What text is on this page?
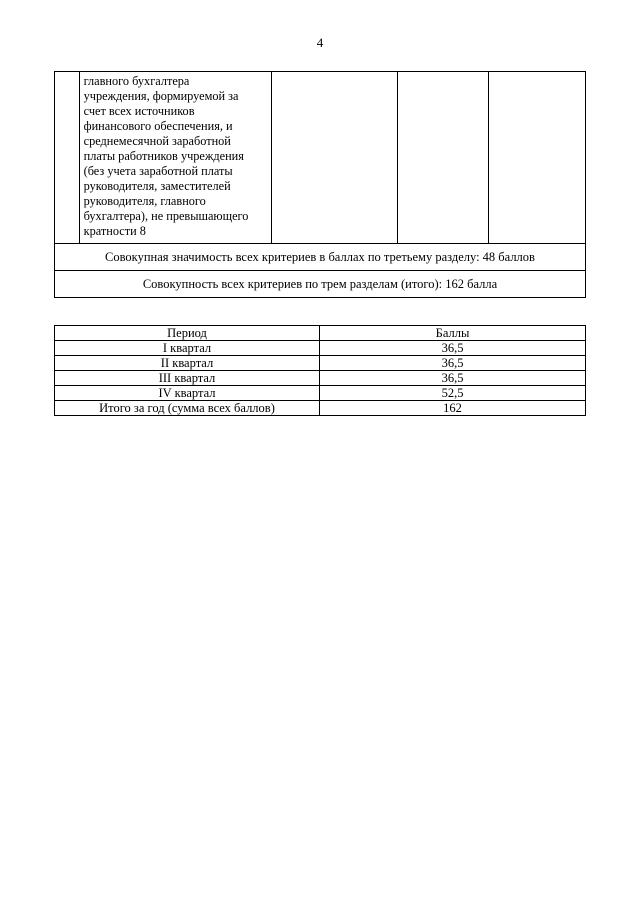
4

главного бухгалтера
учреждения, формируемой за
счет всех источников
финансового обеспечения, и
среднемесячной заработной
платы работников учреждения
(без учета заработной платы
руководителя, заместителей
руководителя, главного
бухгалтера), не превышающего
кратности 8

Совокупная значимость всех критериев в баллах по третьему разделу: 48 баллов
Совокупность всех критериев по трем разделам (итого): 162 балла
Период	Баллы
I квартал	36,5
II квартал	36,5
III квартал	36,5
IV квартал	52,5
Итого за год (сумма всех баллов)	162
